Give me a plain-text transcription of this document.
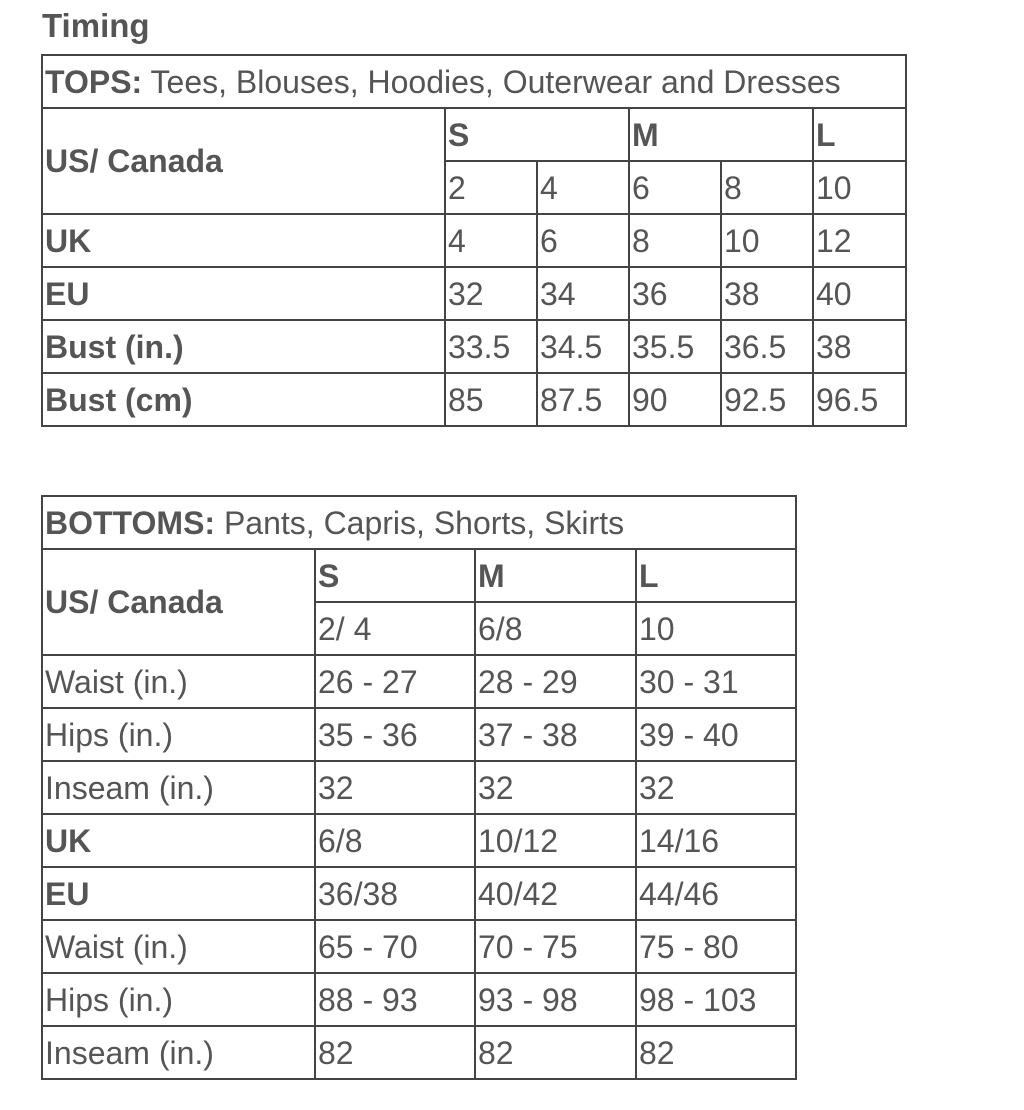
Timing
TOPS: Tees, Blouses, Hoodies, Outerwear and Dresses					
US/ Canada	S		M		L
	2	4	6	8	10
UK	4	6	8	10	12
EU	32	34	36	38	40
Bust (in.)	33.5	34.5	35.5	36.5	38
Bust (cm)	85	87.5	90	92.5	96.5
BOTTOMS: Pants, Capris, Shorts, Skirts			
US/ Canada	S	M	L
	2/ 4	6/8	10
Waist (in.)	26 - 27	28 - 29	30 - 31
Hips (in.)	35 - 36	37 - 38	39 - 40
Inseam (in.)	32	32	32
UK	6/8	10/12	14/16
EU	36/38	40/42	44/46
Waist (in.)	65 - 70	70 - 75	75 - 80
Hips (in.)	88 - 93	93 - 98	98 - 103
Inseam (in.)	82	82	82
